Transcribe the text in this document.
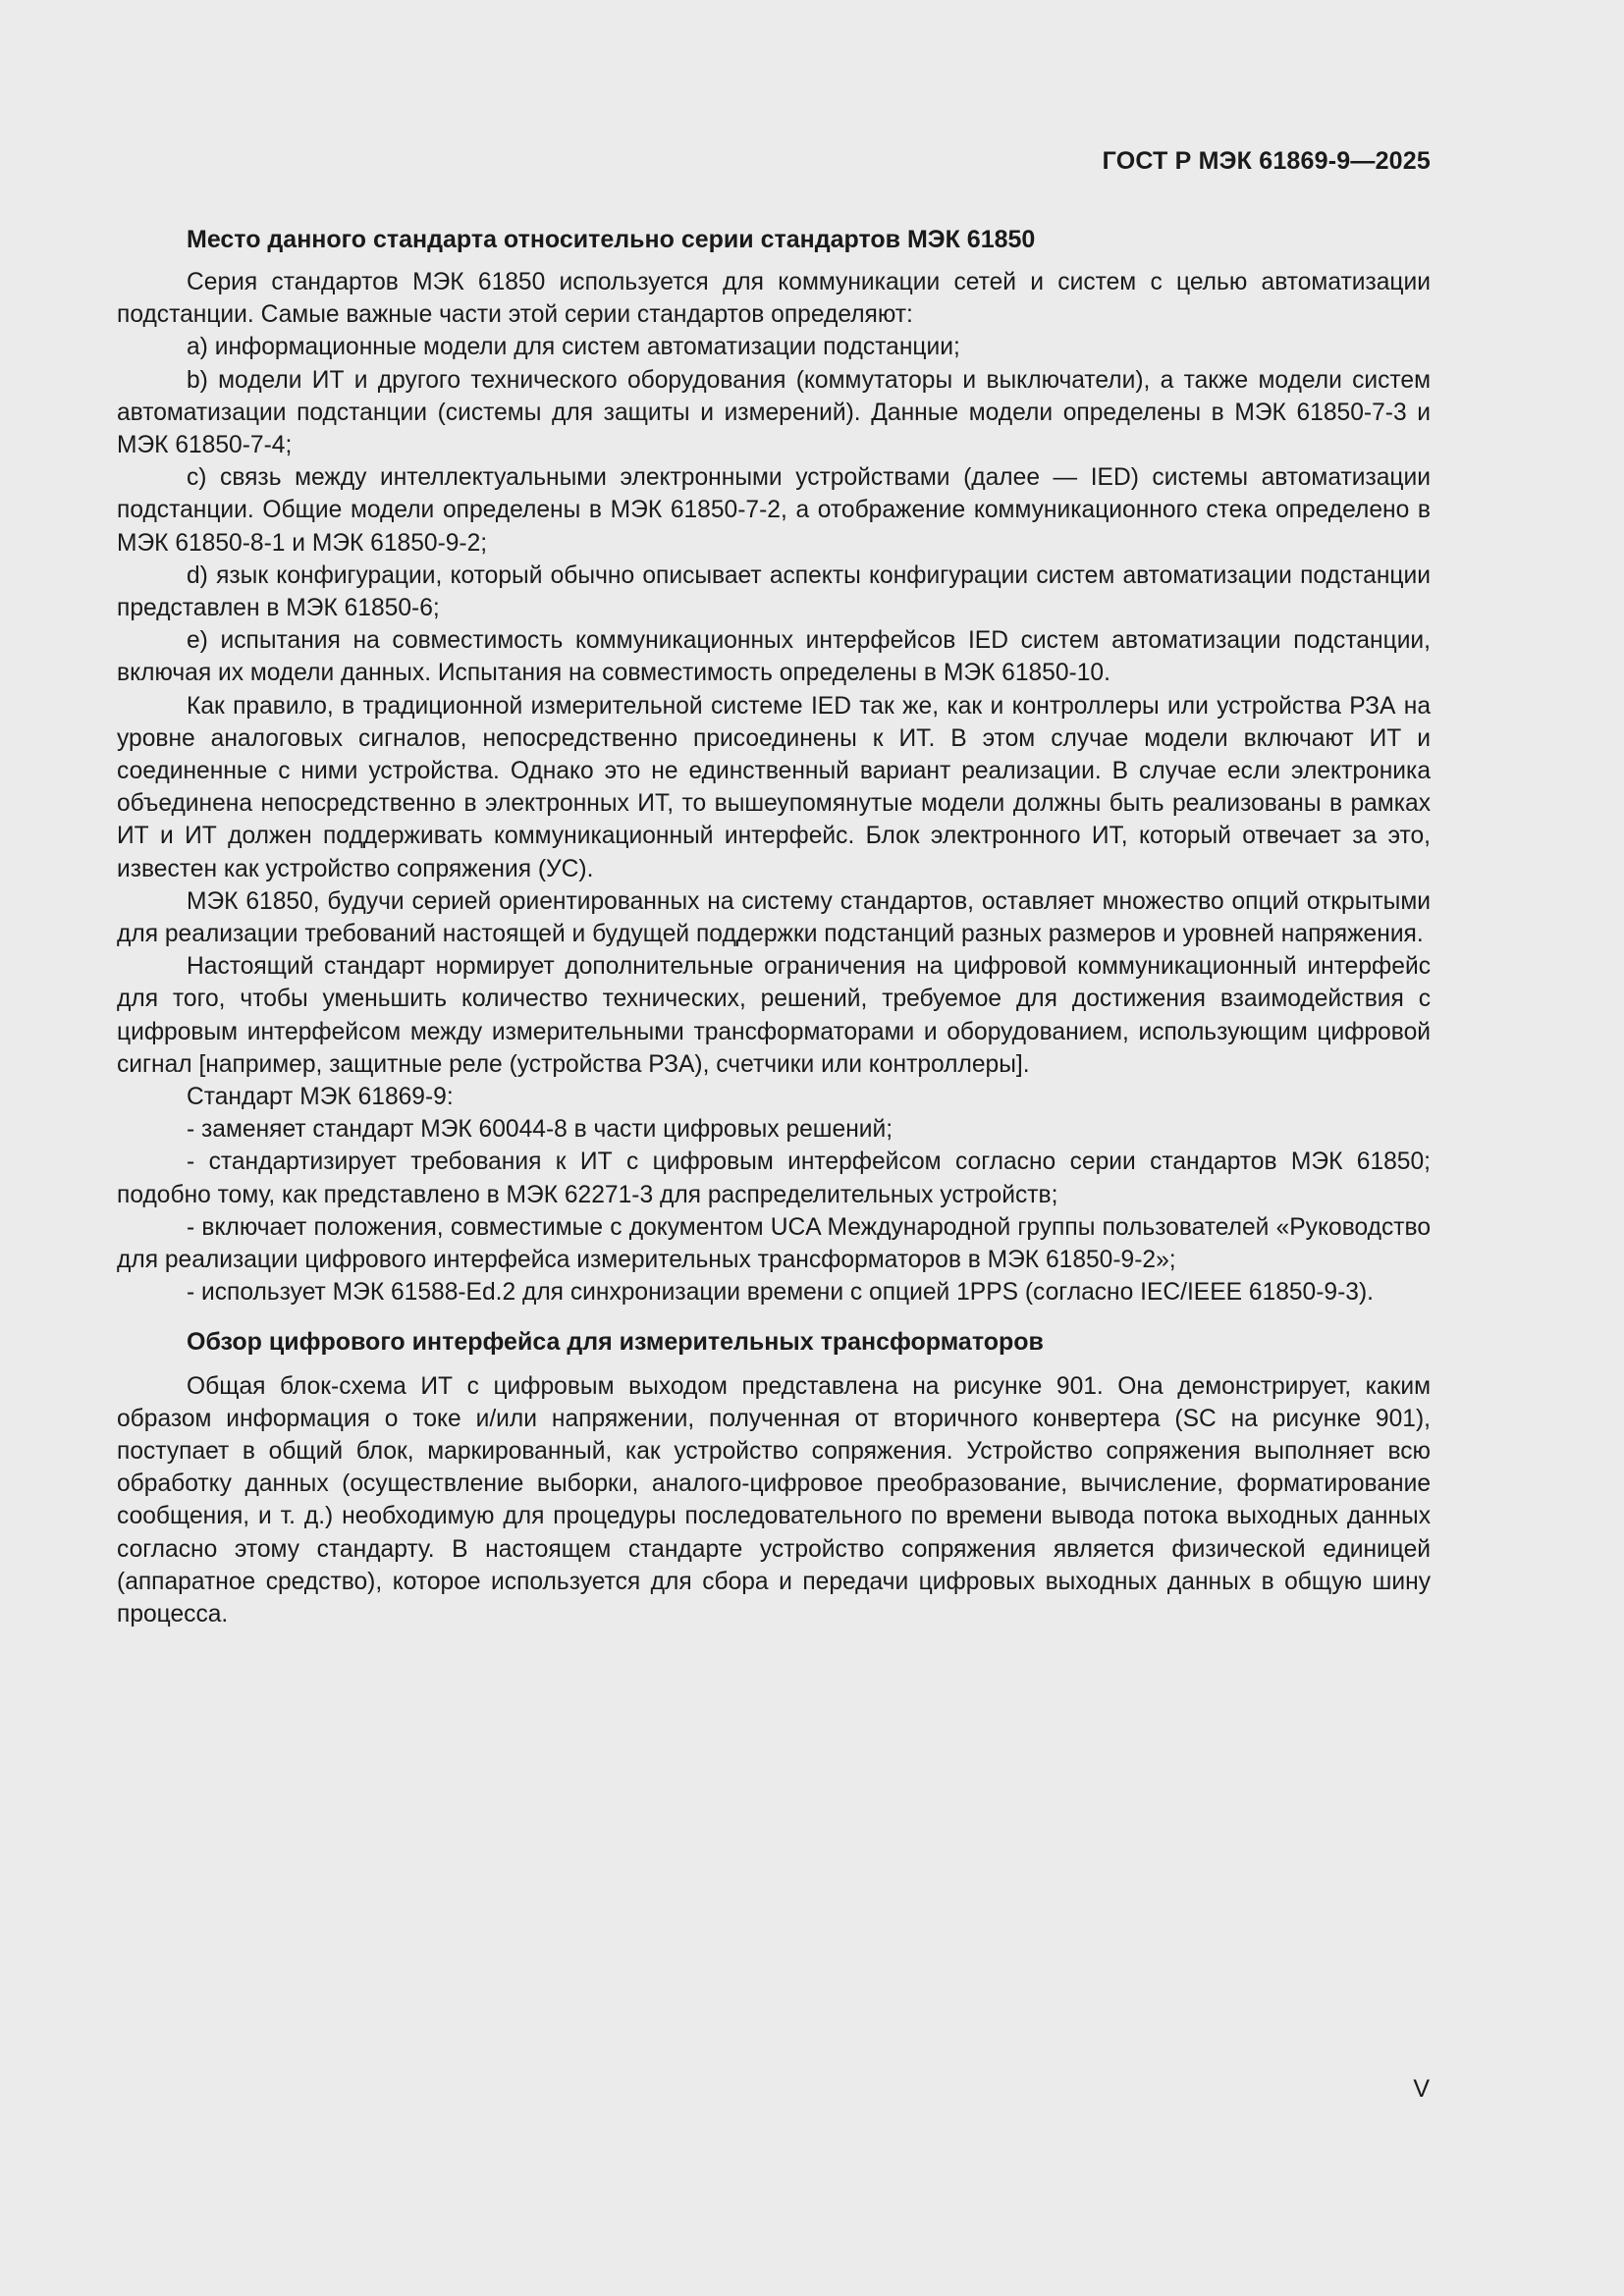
ГОСТ Р МЭК 61869-9—2025
Место данного стандарта относительно серии стандартов МЭК 61850

Серия стандартов МЭК 61850 используется для коммуникации сетей и систем с целью автоматизации подстанции. Самые важные части этой серии стандартов определяют:

а) информационные модели для систем автоматизации подстанции;

b) модели ИТ и другого технического оборудования (коммутаторы и выключатели), а также модели систем автоматизации подстанции (системы для защиты и измерений). Данные модели определены в МЭК 61850-7-3 и МЭК 61850-7-4;

c) связь между интеллектуальными электронными устройствами (далее — IED) системы автоматизации подстанции. Общие модели определены в МЭК 61850-7-2, а отображение коммуникационного стека определено в МЭК 61850-8-1 и МЭК 61850-9-2;

d) язык конфигурации, который обычно описывает аспекты конфигурации систем автоматизации подстанции представлен в МЭК 61850-6;

e) испытания на совместимость коммуникационных интерфейсов IED систем автоматизации подстанции, включая их модели данных. Испытания на совместимость определены в МЭК 61850-10.

Как правило, в традиционной измерительной системе IED так же, как и контроллеры или устройства РЗА на уровне аналоговых сигналов, непосредственно присоединены к ИТ. В этом случае модели включают ИТ и соединенные с ними устройства. Однако это не единственный вариант реализации. В случае если электроника объединена непосредственно в электронных ИТ, то вышеупомянутые модели должны быть реализованы в рамках ИТ и ИТ должен поддерживать коммуникационный интерфейс. Блок электронного ИТ, который отвечает за это, известен как устройство сопряжения (УС).

МЭК 61850, будучи серией ориентированных на систему стандартов, оставляет множество опций открытыми для реализации требований настоящей и будущей поддержки подстанций разных размеров и уровней напряжения.

Настоящий стандарт нормирует дополнительные ограничения на цифровой коммуникационный интерфейс для того, чтобы уменьшить количество технических, решений, требуемое для достижения взаимодействия с цифровым интерфейсом между измерительными трансформаторами и оборудованием, использующим цифровой сигнал [например, защитные реле (устройства РЗА), счетчики или контроллеры].

Стандарт МЭК 61869-9:

- заменяет стандарт МЭК 60044-8 в части цифровых решений;

- стандартизирует требования к ИТ с цифровым интерфейсом согласно серии стандартов МЭК 61850; подобно тому, как представлено в МЭК 62271-3 для распределительных устройств;

- включает положения, совместимые с документом UCA Международной группы пользователей «Руководство для реализации цифрового интерфейса измерительных трансформаторов в МЭК 61850-9-2»;

- использует МЭК 61588-Ed.2 для синхронизации времени с опцией 1PPS (согласно IEC/IEEE 61850-9-3).

Обзор цифрового интерфейса для измерительных трансформаторов

Общая блок-схема ИТ с цифровым выходом представлена на рисунке 901. Она демонстрирует, каким образом информация о токе и/или напряжении, полученная от вторичного конвертера (SC на рисунке 901), поступает в общий блок, маркированный, как устройство сопряжения. Устройство сопряжения выполняет всю обработку данных (осуществление выборки, аналого-цифровое преобразование, вычисление, форматирование сообщения, и т. д.) необходимую для процедуры последовательного по времени вывода потока выходных данных согласно этому стандарту. В настоящем стандарте устройство сопряжения является физической единицей (аппаратное средство), которое используется для сбора и передачи цифровых выходных данных в общую шину процесса.

V
